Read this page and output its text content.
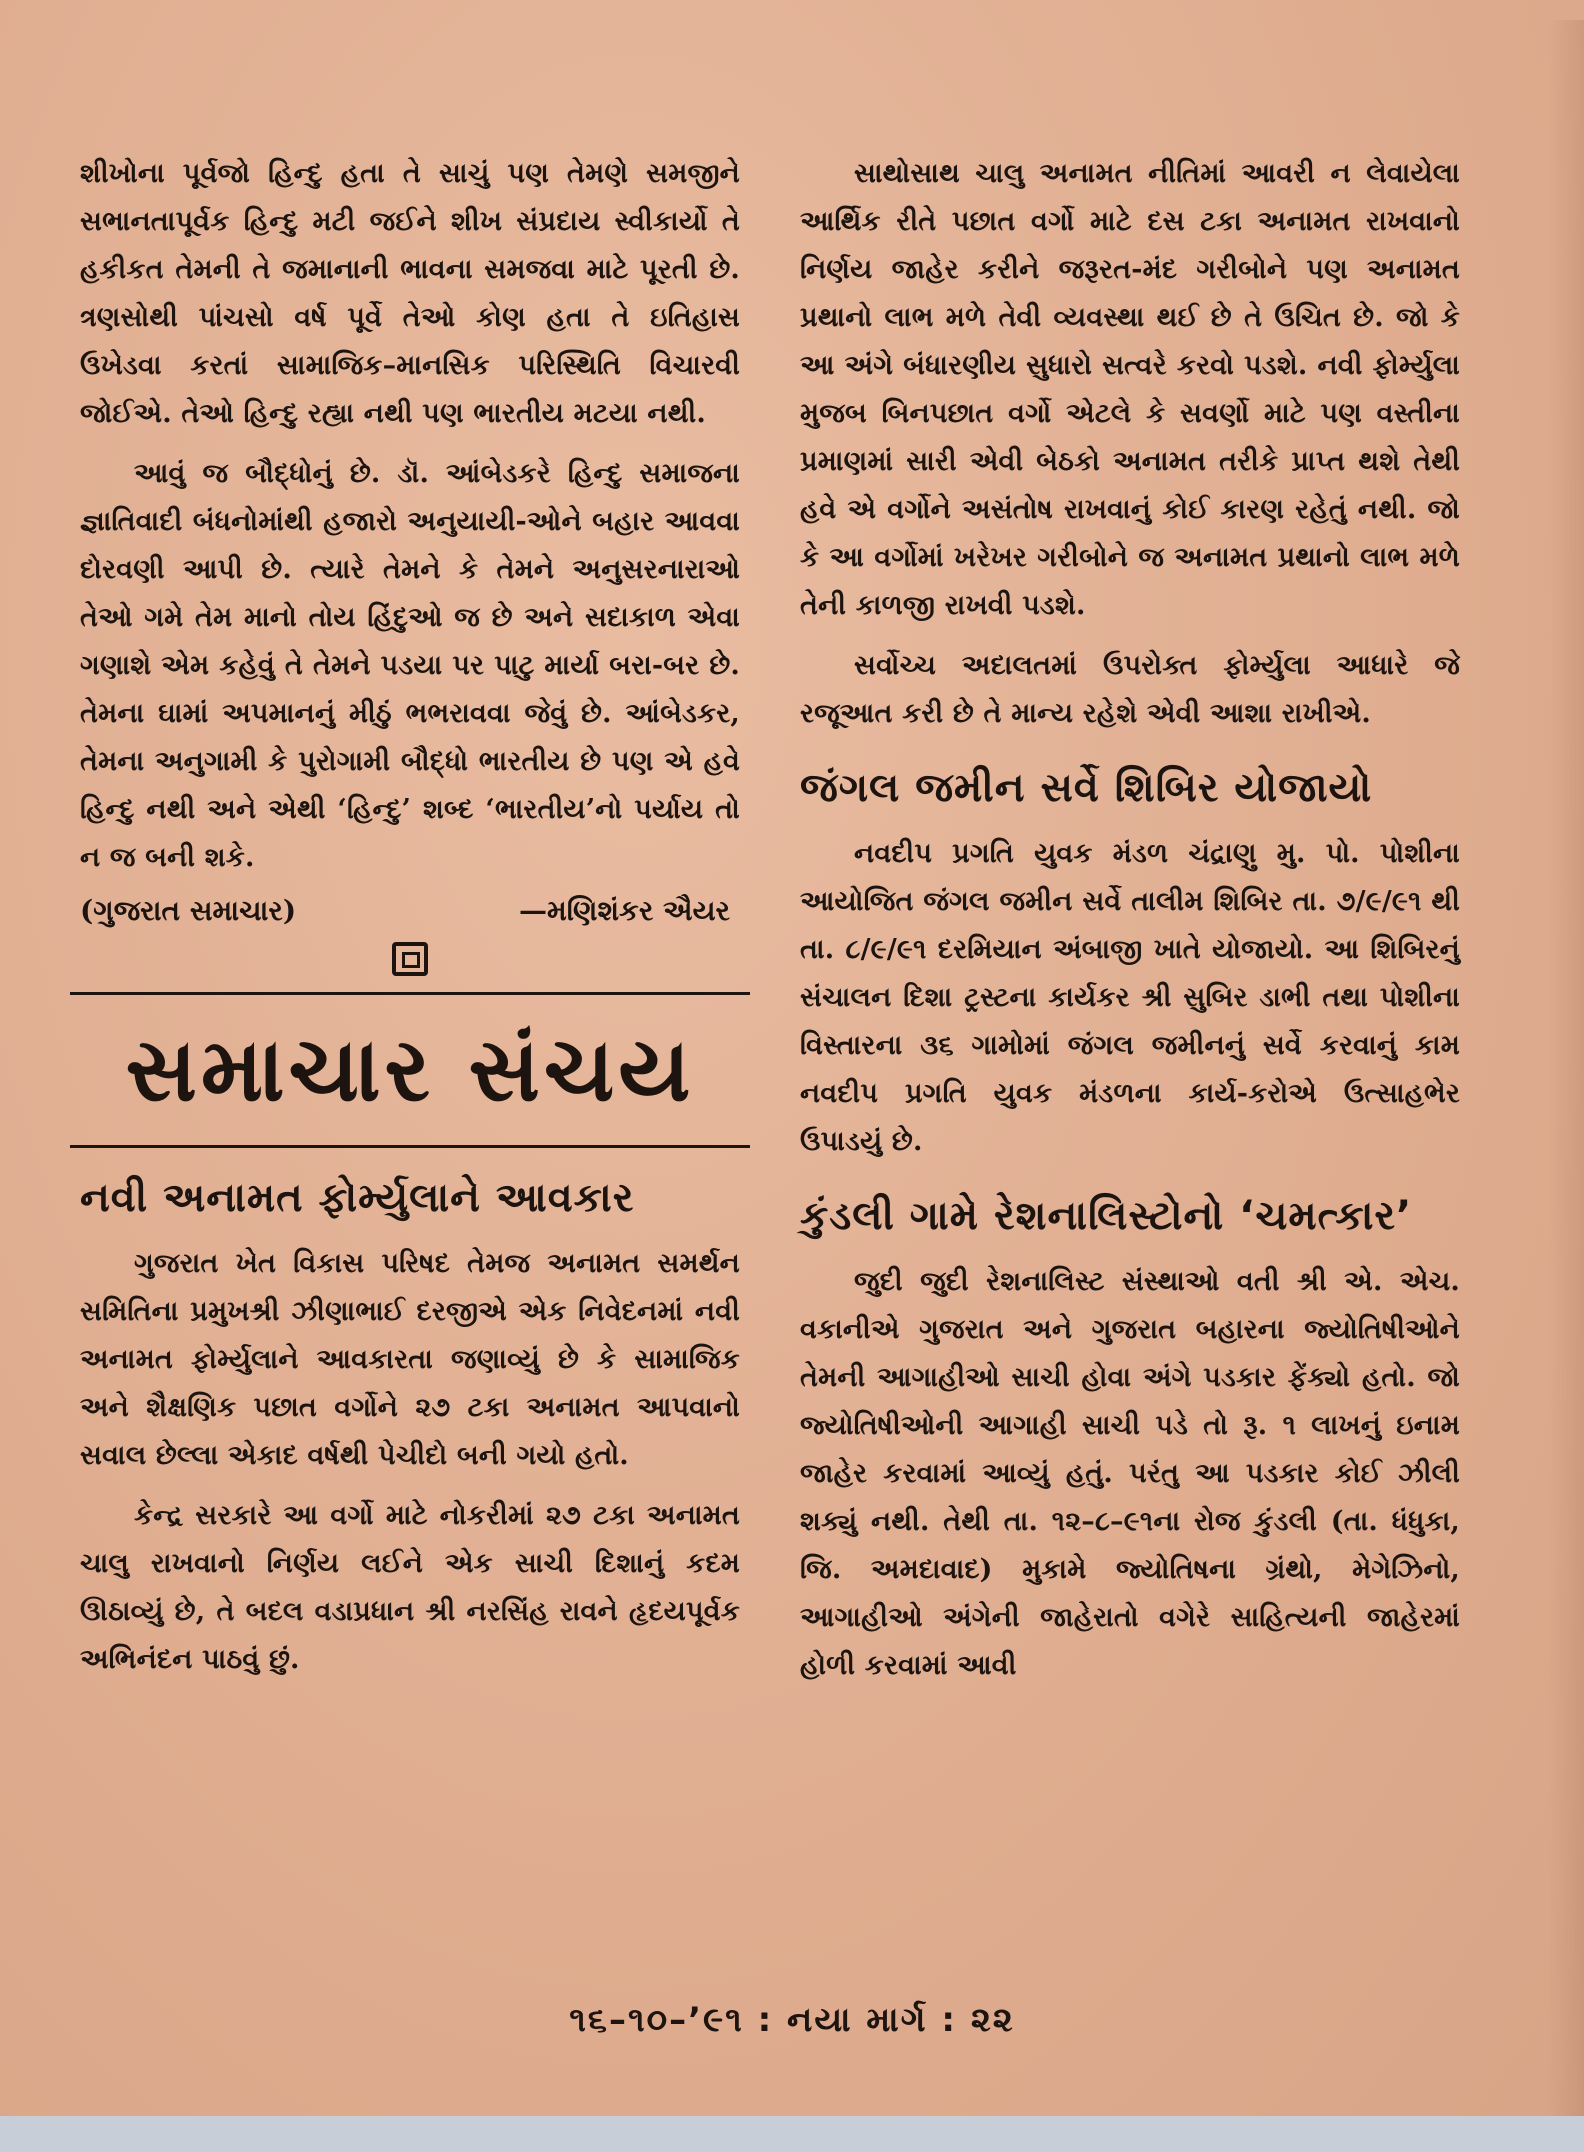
શીખોના પૂર્વજો હિન્દુ હતા તે સાચું પણ તેમણે સમજીને સભાનતાપૂર્વક હિન્દુ મટી જઈને શીખ સંપ્રદાય સ્વીકાર્યો તે હકીકત તેમની તે જમાનાની ભાવના સમજવા માટે પૂરતી છે. ત્રણસોથી પાંચસો વર્ષ પૂર્વે તેઓ કોણ હતા તે ઇતિહાસ ઉખેડવા કરતાં સામાજિક–માનસિક પરિસ્થિતિ વિચારવી જોઈએ. તેઓ હિન્દુ રહ્યા નથી પણ ભારતીય મટયા નથી.

આવું જ બૌદ્ધોનું છે. ડૉ. આંબેડકરે હિન્દુ સમાજના જ્ઞાતિવાદી બંધનોમાંથી હજારો અનુયાયી-ઓને બહાર આવવા દોરવણી આપી છે. ત્યારે તેમને કે તેમને અનુસરનારાઓ તેઓ ગમે તેમ માનો તોય હિંદુઓ જ છે અને સદાકાળ એવા ગણાશે એમ કહેવું તે તેમને પડયા પર પાટુ માર્યા બરા-બર છે. તેમના ઘામાં અપમાનનું મીઠું ભભરાવવા જેવું છે. આંબેડકર, તેમના અનુગામી કે પુરોગામી બૌદ્ધો ભારતીય છે પણ એ હવે હિન્દુ નથી અને એથી ‘હિન્દુ’ શબ્દ ‘ભારતીય’નો પર્યાય તો ન જ બની શકે.

(ગુજરાત સમાચાર)	—મણિશંકર ઐયર
સમાચાર સંચય
નવી અનામત ફોર્મ્યુલાને આવકાર

ગુજરાત ખેત વિકાસ પરિષદ તેમજ અનામત સમર્થન સમિતિના પ્રમુખશ્રી ઝીણાભાઈ દરજીએ એક નિવેદનમાં નવી અનામત ફોર્મ્યુલાને આવકારતા જણાવ્યું છે કે સામાજિક અને શૈક્ષણિક પછાત વર્ગોને ૨૭ ટકા અનામત આપવાનો સવાલ છેલ્લા એકાદ વર્ષથી પેચીદો બની ગયો હતો.

કેન્દ્ર સરકારે આ વર્ગો માટે નોકરીમાં ૨૭ ટકા અનામત ચાલુ રાખવાનો નિર્ણય લઈને એક સાચી દિશાનું કદમ ઊઠાવ્યું છે, તે બદલ વડાપ્રધાન શ્રી નરસિંહ રાવને હૃદયપૂર્વક અભિનંદન પાઠવું છું.

સાથોસાથ ચાલુ અનામત નીતિમાં આવરી ન લેવાયેલા આર્થિક રીતે પછાત વર્ગો માટે દસ ટકા અનામત રાખવાનો નિર્ણય જાહેર કરીને જરૂરત-મંદ ગરીબોને પણ અનામત પ્રથાનો લાભ મળે તેવી વ્યવસ્થા થઈ છે તે ઉચિત છે. જો કે આ અંગે બંધારણીય સુધારો સત્વરે કરવો પડશે. નવી ફોર્મ્યુલા મુજબ બિનપછાત વર્ગો એટલે કે સવર્ણો માટે પણ વસ્તીના પ્રમાણમાં સારી એવી બેઠકો અનામત તરીકે પ્રાપ્ત થશે તેથી હવે એ વર્ગોને અસંતોષ રાખવાનું કોઈ કારણ રહેતું નથી. જો કે આ વર્ગોમાં ખરેખર ગરીબોને જ અનામત પ્રથાનો લાભ મળે તેની કાળજી રાખવી પડશે.

સર્વોચ્ચ અદાલતમાં ઉપરોક્ત ફોર્મ્યુલા આધારે જે રજૂઆત કરી છે તે માન્ય રહેશે એવી આશા રાખીએ.

જંગલ જમીન સર્વે શિબિર યોજાયો

નવદીપ પ્રગતિ યુવક મંડળ ચંદ્રાણુ મુ. પો. પોશીના આયોજિત જંગલ જમીન સર્વે તાલીમ શિબિર તા. ૭/૯/૯૧ થી તા. ૮/૯/૯૧ દરમિયાન અંબાજી ખાતે યોજાયો. આ શિબિરનું સંચાલન દિશા ટ્રસ્ટના કાર્યકર શ્રી સુબિર ડાભી તથા પોશીના વિસ્તારના ૩૬ ગામોમાં જંગલ જમીનનું સર્વે કરવાનું કામ નવદીપ પ્રગતિ યુવક મંડળના કાર્ય-કરોએ ઉત્સાહભેર ઉપાડયું છે.

કુંડલી ગામે રેશનાલિસ્ટોનો ‘ચમત્કાર’

જુદી જુદી રેશનાલિસ્ટ સંસ્થાઓ વતી શ્રી એ. એચ. વકાનીએ ગુજરાત અને ગુજરાત બહારના જ્યોતિષીઓને તેમની આગાહીઓ સાચી હોવા અંગે પડકાર ફેંક્યો હતો. જો જ્યોતિષીઓની આગાહી સાચી પડે તો રૂ. ૧ લાખનું ઇનામ જાહેર કરવામાં આવ્યું હતું. પરંતુ આ પડકાર કોઈ ઝીલી શક્યું નથી. તેથી તા. ૧૨–૮–૯૧ના રોજ કુંડલી (તા. ધંધુકા, જિ. અમદાવાદ) મુકામે જ્યોતિષના ગ્રંથો, મેગેઝિનો, આગાહીઓ અંગેની જાહેરાતો વગેરે સાહિત્યની જાહેરમાં હોળી કરવામાં આવી

૧૬–૧૦–’૯૧ : નયા માર્ગ : ૨૨
